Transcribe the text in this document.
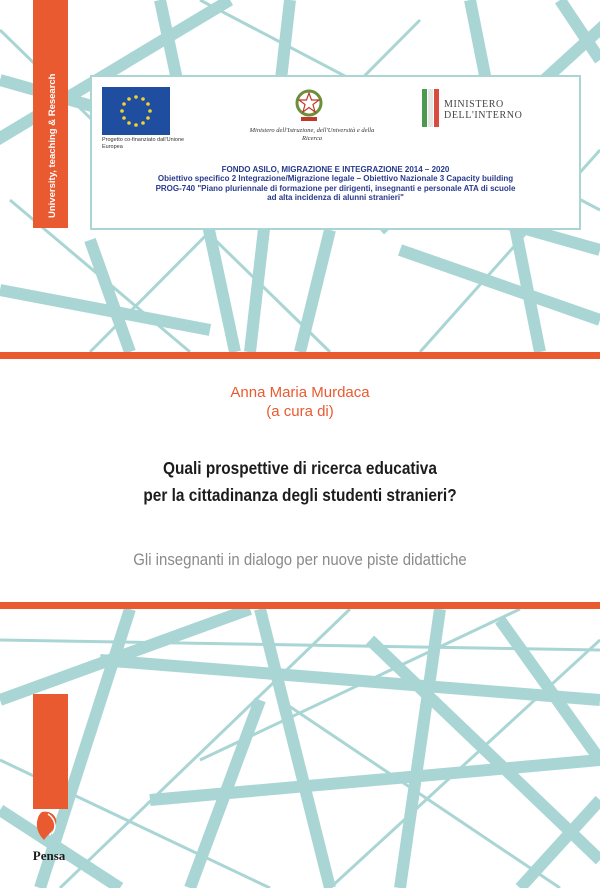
University, teaching & Research	Progetto co-finanziato dall'Unione Europea
Ministero dell'Istruzione, dell'Università e della Ricerca
MINISTERO
DELL'INTERNO
FONDO ASILO, MIGRAZIONE E INTEGRAZIONE 2014 – 2020
Obiettivo specifico 2 Integrazione/Migrazione legale – Obiettivo Nazionale 3 Capacity building
PROG-740 "Piano pluriennale di formazione per dirigenti, insegnanti e personale ATA di scuole
ad alta incidenza di alunni stranieri"
Anna Maria Murdaca
(a cura di)
Quali prospettive di ricerca educativa
per la cittadinanza degli studenti stranieri?
Gli insegnanti in dialogo per nuove piste didattiche
Pensa
